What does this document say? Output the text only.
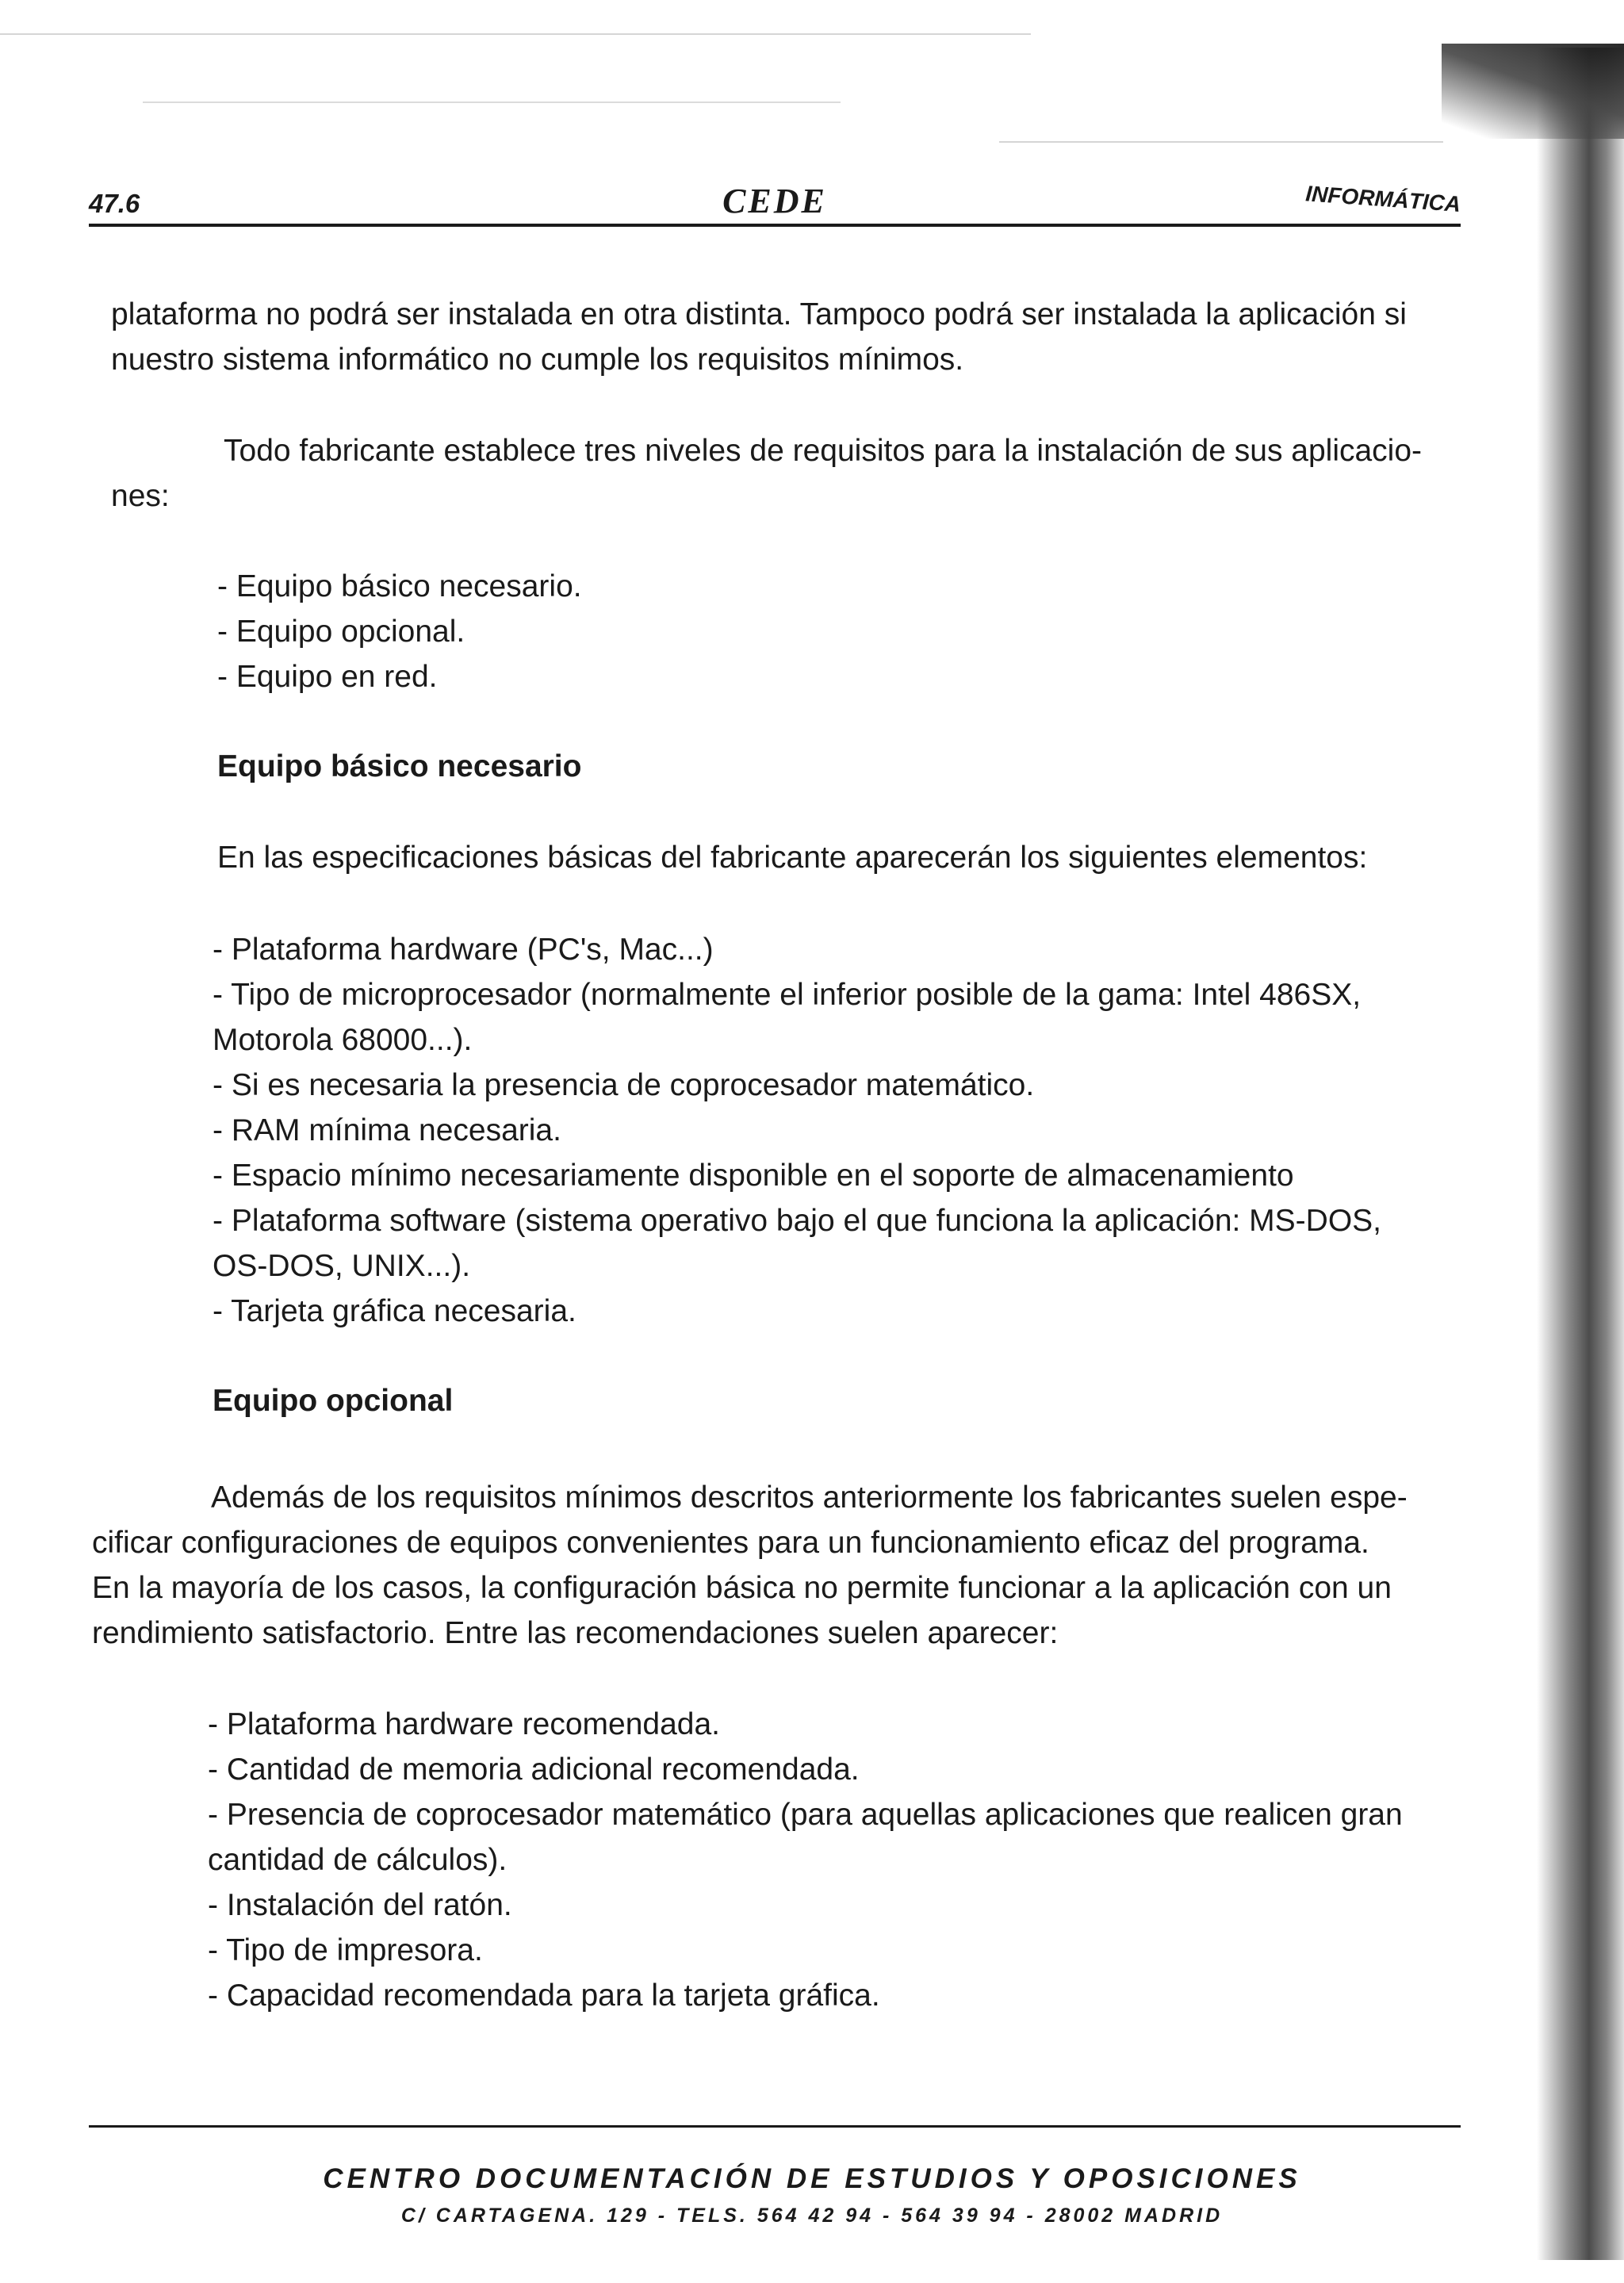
47.6	CEDE	INFORMÁTICA

plataforma no podrá ser instalada en otra distinta. Tampoco podrá ser instalada la aplicación si

nuestro sistema informático no cumple los requisitos mínimos.

Todo fabricante establece tres niveles de requisitos para la instalación de sus aplicacio-

nes:

- Equipo básico necesario.

- Equipo opcional.

- Equipo en red.

Equipo básico necesario

En las especificaciones básicas del fabricante aparecerán los siguientes elementos:

- Plataforma hardware (PC's, Mac...)

- Tipo de microprocesador (normalmente el inferior posible de la gama: Intel 486SX,

Motorola 68000...).

- Si es necesaria la presencia de coprocesador matemático.

- RAM mínima necesaria.

- Espacio mínimo necesariamente disponible en el soporte de almacenamiento

- Plataforma software (sistema operativo bajo el que funciona la aplicación: MS-DOS,

OS-DOS, UNIX...).

- Tarjeta gráfica necesaria.

Equipo opcional

Además de los requisitos mínimos descritos anteriormente los fabricantes suelen espe-

cificar configuraciones de equipos convenientes para un funcionamiento eficaz del programa.

En la mayoría de los casos, la configuración básica no permite funcionar a la aplicación con un

rendimiento satisfactorio. Entre las recomendaciones suelen aparecer:

- Plataforma hardware recomendada.

- Cantidad de memoria adicional recomendada.

- Presencia de coprocesador matemático (para aquellas aplicaciones que realicen gran

cantidad de cálculos).

- Instalación del ratón.

- Tipo de impresora.

- Capacidad recomendada para la tarjeta gráfica.

CENTRO DOCUMENTACIÓN DE ESTUDIOS Y OPOSICIONES
C/ CARTAGENA. 129 - TELS. 564 42 94 - 564 39 94 - 28002 MADRID
